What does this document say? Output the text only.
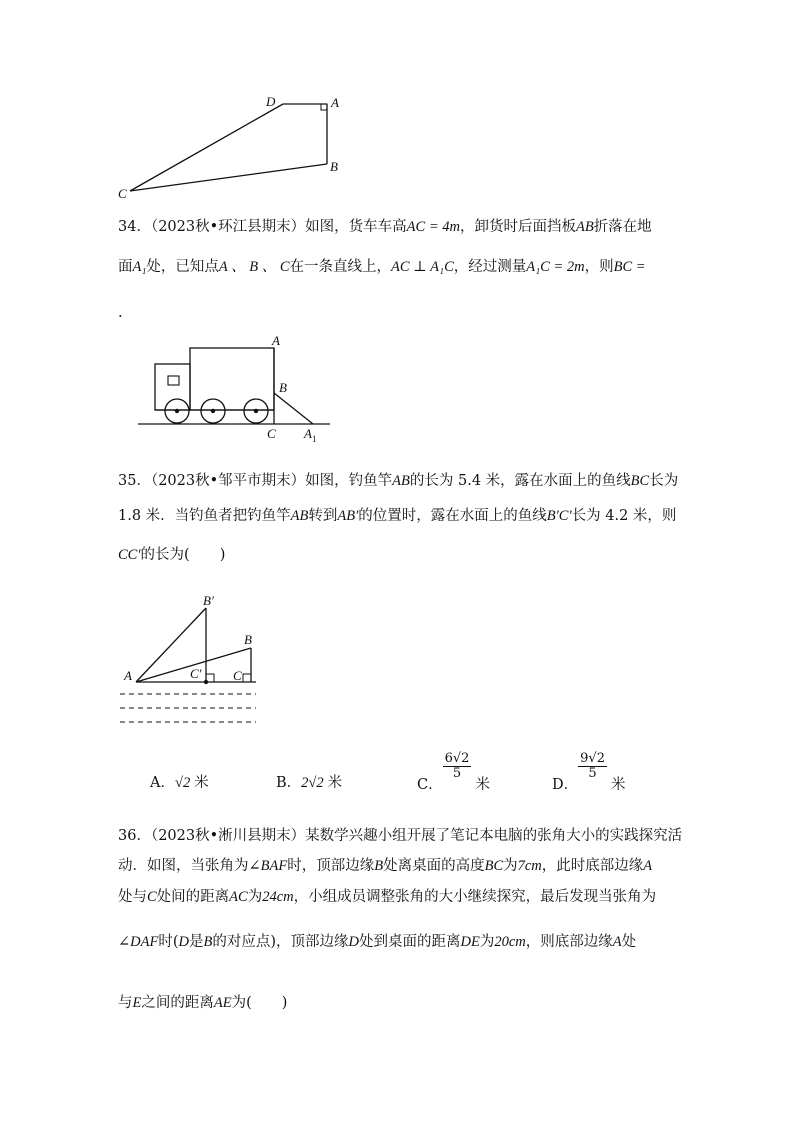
D	A
B
C
34．（2023秋•环江县期末）如图，货车车高AC = 4m，卸货时后面挡板AB折落在地
面A₁处，已知点A 、 B 、 C在一条直线上，AC ⊥ A₁C，经过测量A₁C = 2m，则BC =
.
A
B
C $A_1$
35．（2023秋•邹平市期末）如图，钓鱼竿AB的长为 5.4 米，露在水面上的鱼线BC长为
1.8 米．当钓鱼者把钓鱼竿AB转到AB′的位置时，露在水面上的鱼线B′C′长为 4.2 米，则
CC′的长为( )
B′
B
A	C′ C
A．√2 米	B．2√2 米	C．
$\frac{6√2}{5}$
米	D．
$\frac{9√2}{5}$
米
36．（2023秋•淅川县期末）某数学兴趣小组开展了笔记本电脑的张角大小的实践探究活
动．如图，当张角为∠BAF时，顶部边缘B处离桌面的高度BC为7cm，此时底部边缘A
处与C处间的距离AC为24cm，小组成员调整张角的大小继续探究，最后发现当张角为
∠DAF时(D是B的对应点)，顶部边缘D处到桌面的距离DE为20cm，则底部边缘A处
与E之间的距离AE为( )
